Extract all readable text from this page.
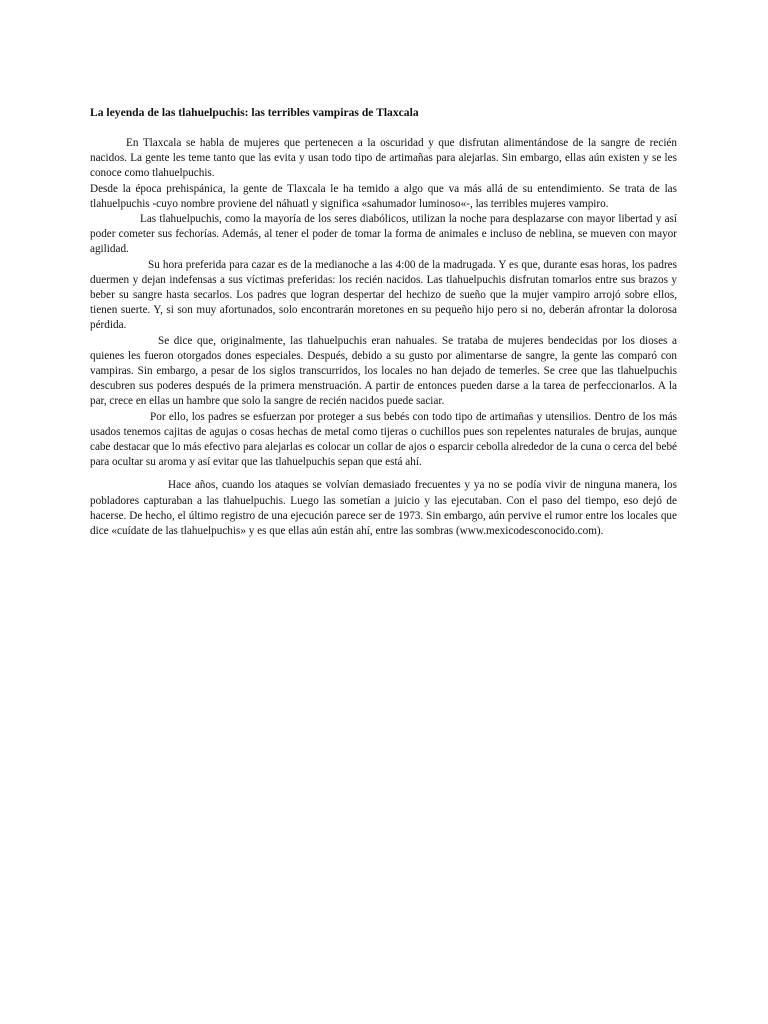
La leyenda de las tlahuelpuchis: las terribles vampiras de Tlaxcala

En Tlaxcala se habla de mujeres que pertenecen a la oscuridad y que disfrutan alimentándose de la sangre de recién nacidos. La gente les teme tanto que las evita y usan todo tipo de artimañas para alejarlas. Sin embargo, ellas aún existen y se les conoce como tlahuelpuchis.

Desde la época prehispánica, la gente de Tlaxcala le ha temido a algo que va más allá de su entendimiento. Se trata de las tlahuelpuchis -cuyo nombre proviene del náhuatl y significa «sahumador luminoso«-, las terribles mujeres vampiro.

Las tlahuelpuchis, como la mayoría de los seres diabólicos, utilizan la noche para desplazarse con mayor libertad y así poder cometer sus fechorías. Además, al tener el poder de tomar la forma de animales e incluso de neblina, se mueven con mayor agilidad.

Su hora preferida para cazar es de la medianoche a las 4:00 de la madrugada. Y es que, durante esas horas, los padres duermen y dejan indefensas a sus víctimas preferidas: los recién nacidos. Las tlahuelpuchis disfrutan tomarlos entre sus brazos y beber su sangre hasta secarlos. Los padres que logran despertar del hechizo de sueño que la mujer vampiro arrojó sobre ellos, tienen suerte. Y, si son muy afortunados, solo encontrarán moretones en su pequeño hijo pero si no, deberán afrontar la dolorosa pérdida.

Se dice que, originalmente, las tlahuelpuchis eran nahuales. Se trataba de mujeres bendecidas por los dioses a quienes les fueron otorgados dones especiales. Después, debido a su gusto por alimentarse de sangre, la gente las comparó con vampiras. Sin embargo, a pesar de los siglos transcurridos, los locales no han dejado de temerles. Se cree que las tlahuelpuchis descubren sus poderes después de la primera menstruación. A partir de entonces pueden darse a la tarea de perfeccionarlos. A la par, crece en ellas un hambre que solo la sangre de recién nacidos puede saciar.

Por ello, los padres se esfuerzan por proteger a sus bebés con todo tipo de artimañas y utensilios. Dentro de los más usados tenemos cajitas de agujas o cosas hechas de metal como tijeras o cuchillos pues son repelentes naturales de brujas, aunque cabe destacar que lo más efectivo para alejarlas es colocar un collar de ajos o esparcir cebolla alrededor de la cuna o cerca del bebé para ocultar su aroma y así evitar que las tlahuelpuchis sepan que está ahí.

Hace años, cuando los ataques se volvían demasiado frecuentes y ya no se podía vivir de ninguna manera, los pobladores capturaban a las tlahuelpuchis. Luego las sometían a juicio y las ejecutaban. Con el paso del tiempo, eso dejó de hacerse. De hecho, el último registro de una ejecución parece ser de 1973. Sin embargo, aún pervive el rumor entre los locales que dice «cuídate de las tlahuelpuchis» y es que ellas aún están ahí, entre las sombras (www.mexicodesconocido.com).
